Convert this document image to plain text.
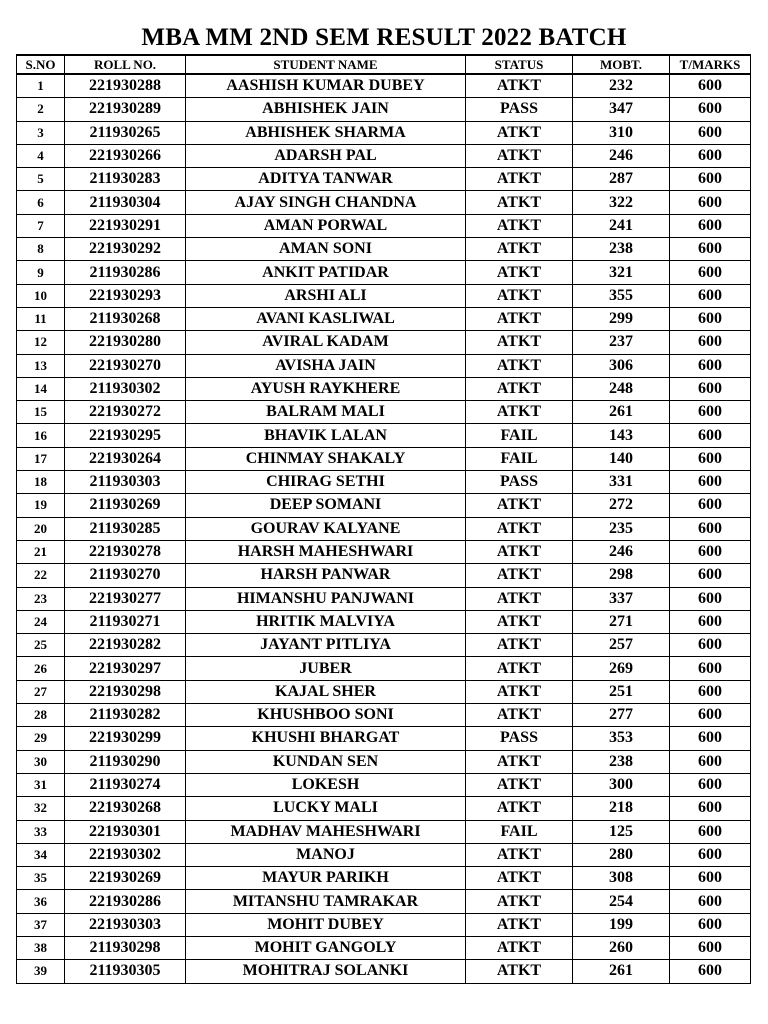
MBA MM 2ND SEM RESULT 2022 BATCH
S.NO	ROLL NO.	STUDENT NAME	STATUS	MOBT.	T/MARKS
1	221930288	AASHISH KUMAR DUBEY	ATKT	232	600
2	221930289	ABHISHEK JAIN	PASS	347	600
3	211930265	ABHISHEK SHARMA	ATKT	310	600
4	221930266	ADARSH PAL	ATKT	246	600
5	211930283	ADITYA TANWAR	ATKT	287	600
6	211930304	AJAY SINGH CHANDNA	ATKT	322	600
7	221930291	AMAN PORWAL	ATKT	241	600
8	221930292	AMAN SONI	ATKT	238	600
9	211930286	ANKIT PATIDAR	ATKT	321	600
10	221930293	ARSHI ALI	ATKT	355	600
11	211930268	AVANI KASLIWAL	ATKT	299	600
12	221930280	AVIRAL KADAM	ATKT	237	600
13	221930270	AVISHA JAIN	ATKT	306	600
14	211930302	AYUSH RAYKHERE	ATKT	248	600
15	221930272	BALRAM MALI	ATKT	261	600
16	221930295	BHAVIK LALAN	FAIL	143	600
17	221930264	CHINMAY SHAKALY	FAIL	140	600
18	211930303	CHIRAG SETHI	PASS	331	600
19	211930269	DEEP SOMANI	ATKT	272	600
20	211930285	GOURAV KALYANE	ATKT	235	600
21	221930278	HARSH MAHESHWARI	ATKT	246	600
22	211930270	HARSH PANWAR	ATKT	298	600
23	221930277	HIMANSHU PANJWANI	ATKT	337	600
24	211930271	HRITIK MALVIYA	ATKT	271	600
25	221930282	JAYANT PITLIYA	ATKT	257	600
26	221930297	JUBER	ATKT	269	600
27	221930298	KAJAL SHER	ATKT	251	600
28	211930282	KHUSHBOO SONI	ATKT	277	600
29	221930299	KHUSHI BHARGAT	PASS	353	600
30	211930290	KUNDAN SEN	ATKT	238	600
31	211930274	LOKESH	ATKT	300	600
32	221930268	LUCKY MALI	ATKT	218	600
33	221930301	MADHAV MAHESHWARI	FAIL	125	600
34	221930302	MANOJ	ATKT	280	600
35	221930269	MAYUR PARIKH	ATKT	308	600
36	221930286	MITANSHU TAMRAKAR	ATKT	254	600
37	221930303	MOHIT DUBEY	ATKT	199	600
38	211930298	MOHIT GANGOLY	ATKT	260	600
39	211930305	MOHITRAJ SOLANKI	ATKT	261	600
